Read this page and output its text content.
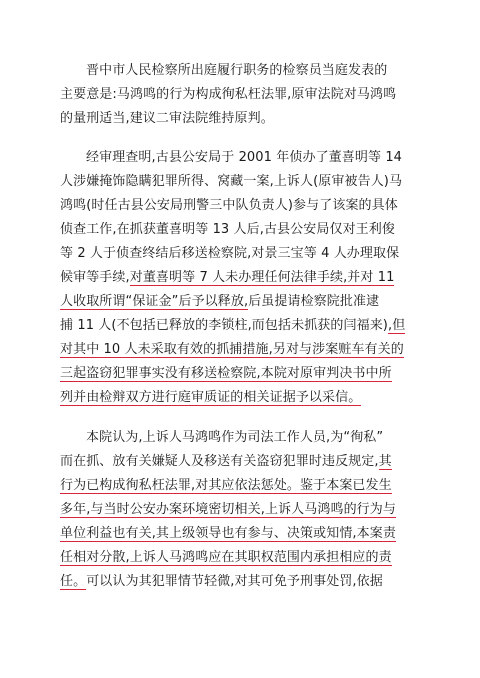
晋中市人民检察所出庭履行职务的检察员当庭发表的
主要意是:马鸿鸣的行为构成徇私枉法罪,原审法院对马鸿鸣
的量刑适当,建议二审法院维持原判。
经审理查明,古县公安局于 2001 年侦办了董喜明等 14
人涉嫌掩饰隐瞒犯罪所得、窝藏一案,上诉人(原审被告人)马
鸿鸣(时任古县公安局刑警三中队负责人)参与了该案的具体
侦查工作,在抓获董喜明等 13 人后,古县公安局仅对王利俊
等 2 人于侦查终结后移送检察院,对景三宝等 4 人办理取保
候审等手续,对董喜明等 7 人未办理任何法律手续,并对 11
人收取所谓“保证金”后予以释放,后虽提请检察院批准逮
捕 11 人(不包括已释放的李锁柱,而包括未抓获的闫福来),但
对其中 10 人未采取有效的抓捕措施,另对与涉案赃车有关的
三起盗窃犯罪事实没有移送检察院,本院对原审判决书中所
列并由检辩双方进行庭审质证的相关证据予以采信。
本院认为,上诉人马鸿鸣作为司法工作人员,为“徇私”
而在抓、放有关嫌疑人及移送有关盗窃犯罪时违反规定,其
行为已构成徇私枉法罪,对其应依法惩处。鉴于本案已发生
多年,与当时公安办案环境密切相关,上诉人马鸿鸣的行为与
单位利益也有关,其上级领导也有参与、决策或知情,本案责
任相对分散,上诉人马鸿鸣应在其职权范围内承担相应的责
任。可以认为其犯罪情节轻微,对其可免予刑事处罚,依据
